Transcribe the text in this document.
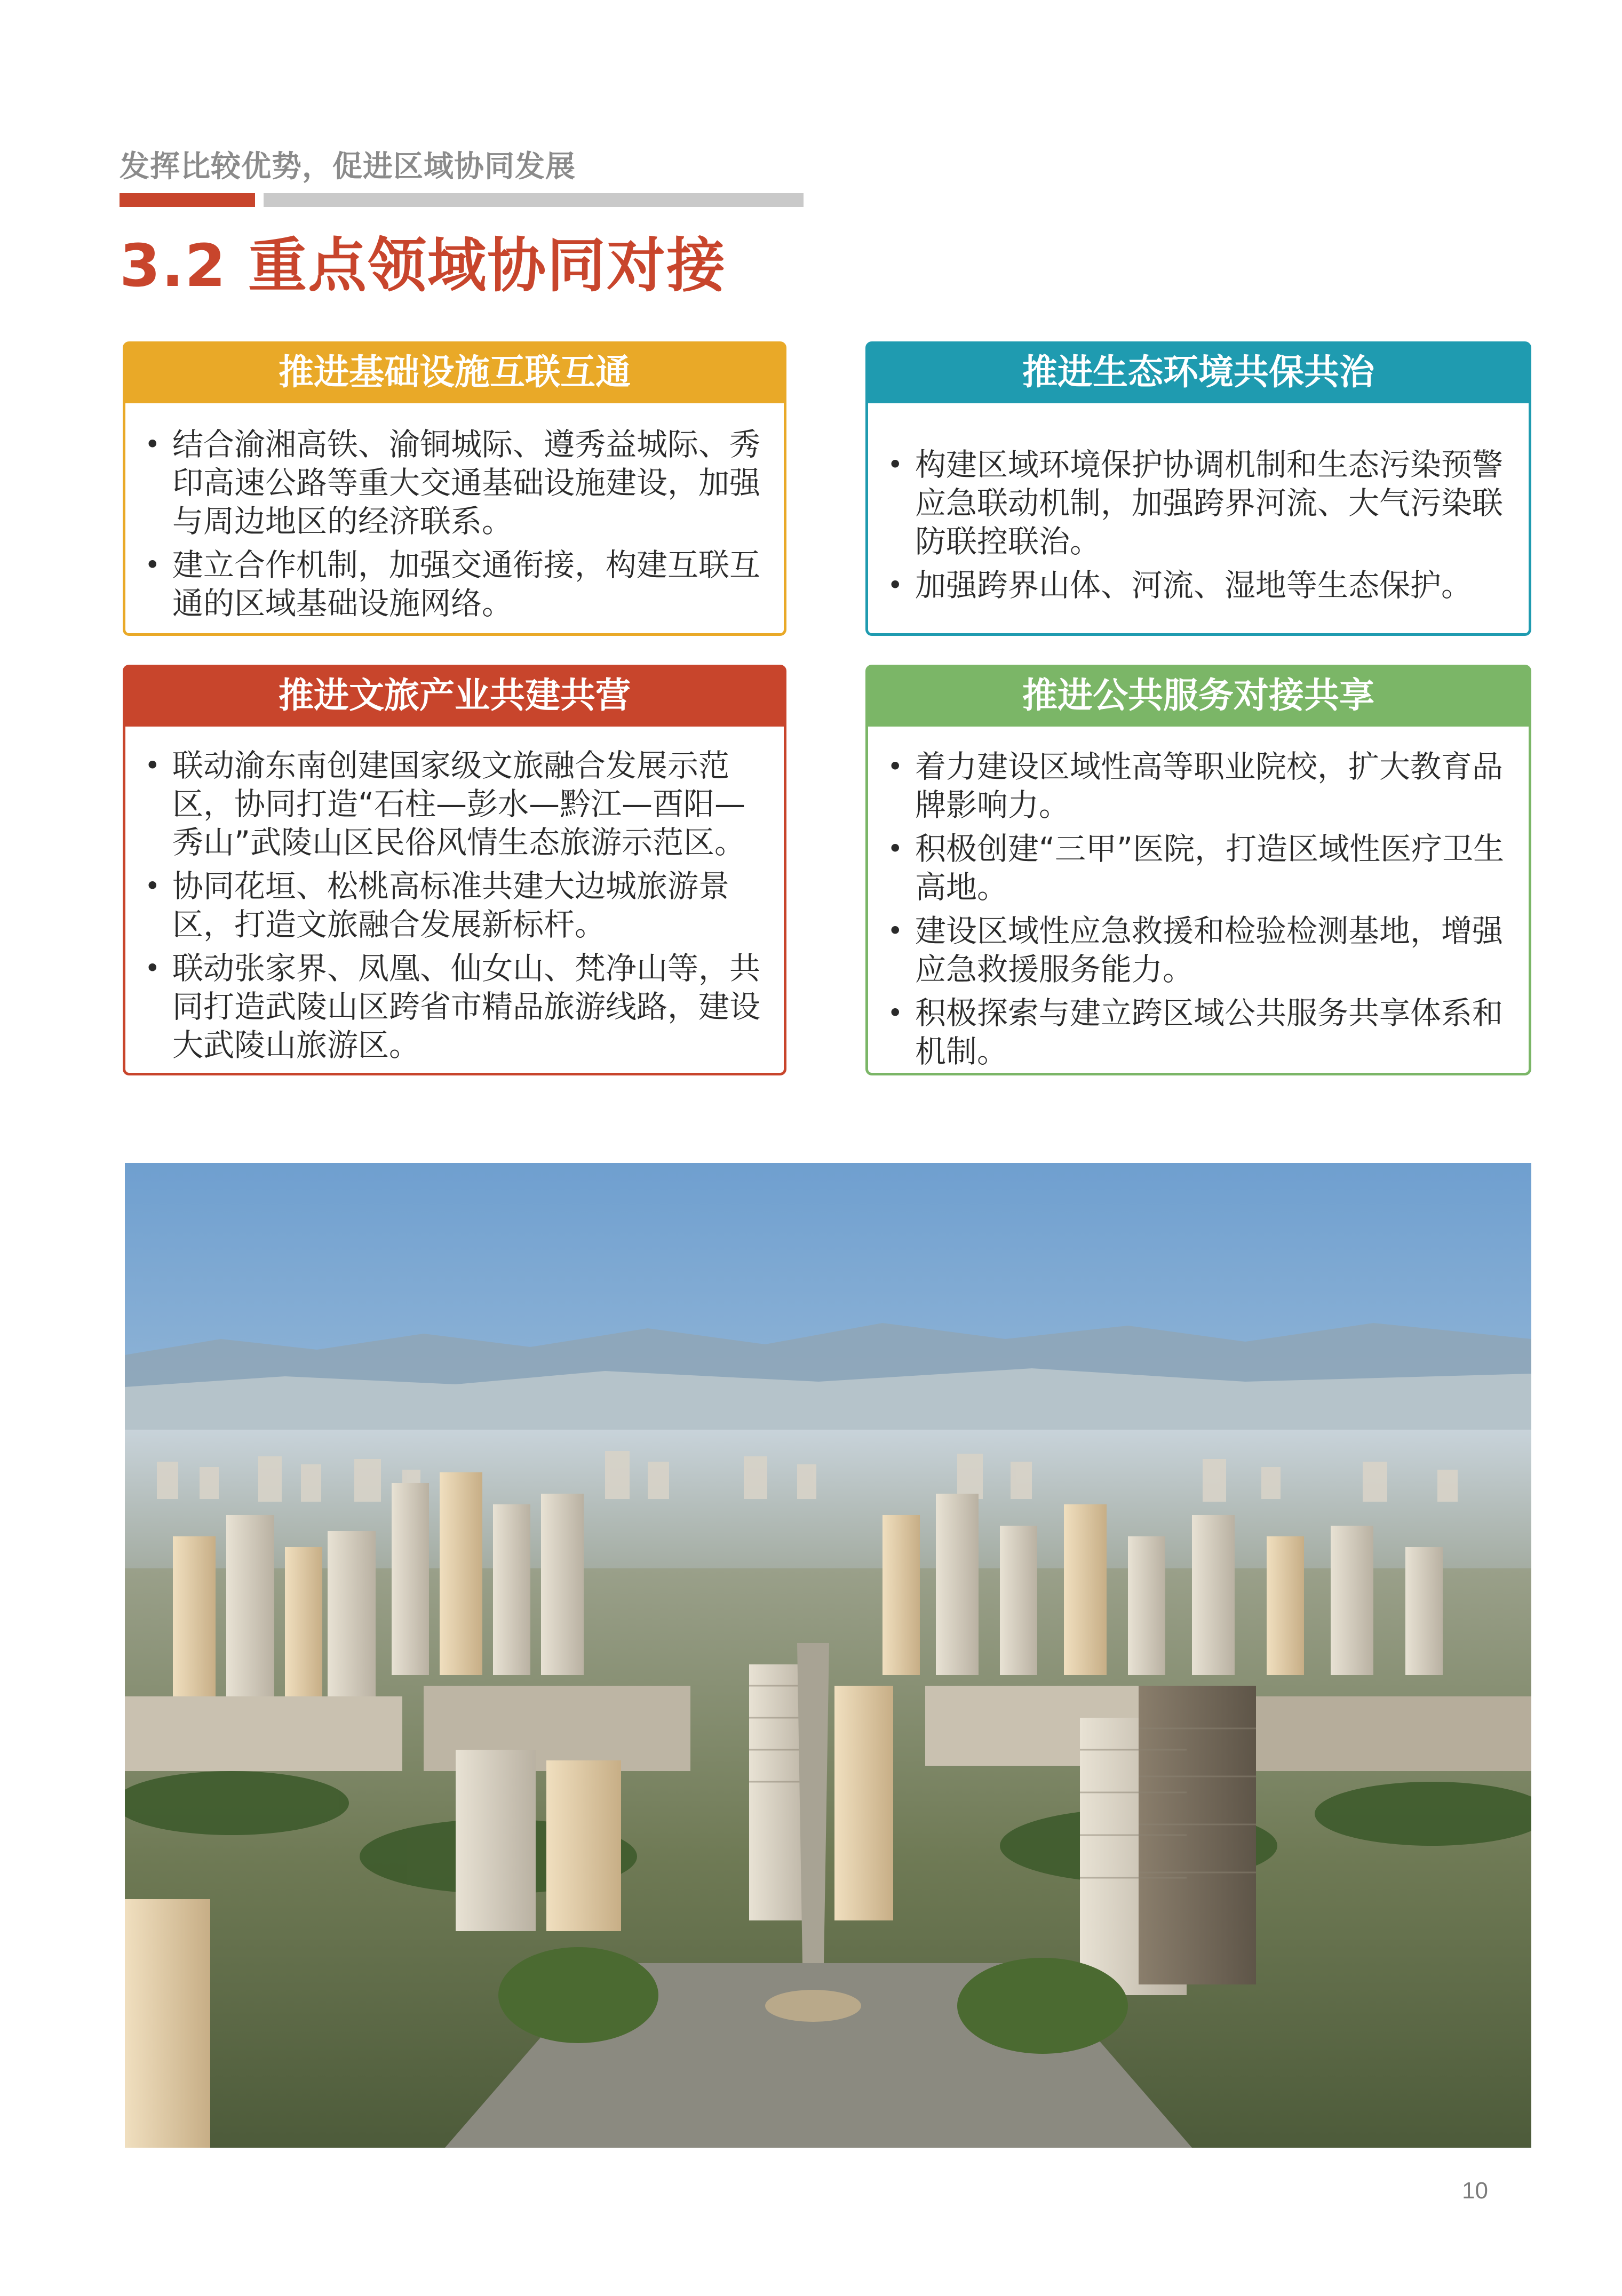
发挥比较优势，促进区域协同发展
3.2 重点领域协同对接
推进基础设施互联互通
• 结合渝湘高铁、渝铜城际、遵秀益城际、秀印高速公路等重大交通基础设施建设，加强与周边地区的经济联系。
• 建立合作机制，加强交通衔接，构建互联互通的区域基础设施网络。
推进生态环境共保共治
• 构建区域环境保护协调机制和生态污染预警应急联动机制，加强跨界河流、大气污染联防联控联治。
• 加强跨界山体、河流、湿地等生态保护。
推进文旅产业共建共营
• 联动渝东南创建国家级文旅融合发展示范区，协同打造“石柱—彭水—黔江—酉阳—秀山”武陵山区民俗风情生态旅游示范区。
• 协同花垣、松桃高标准共建大边城旅游景区，打造文旅融合发展新标杆。
• 联动张家界、凤凰、仙女山、梵净山等，共同打造武陵山区跨省市精品旅游线路，建设大武陵山旅游区。
推进公共服务对接共享
• 着力建设区域性高等职业院校，扩大教育品牌影响力。
• 积极创建“三甲”医院，打造区域性医疗卫生高地。
• 建设区域性应急救援和检验检测基地，增强应急救援服务能力。
• 积极探索与建立跨区域公共服务共享体系和机制。
10
